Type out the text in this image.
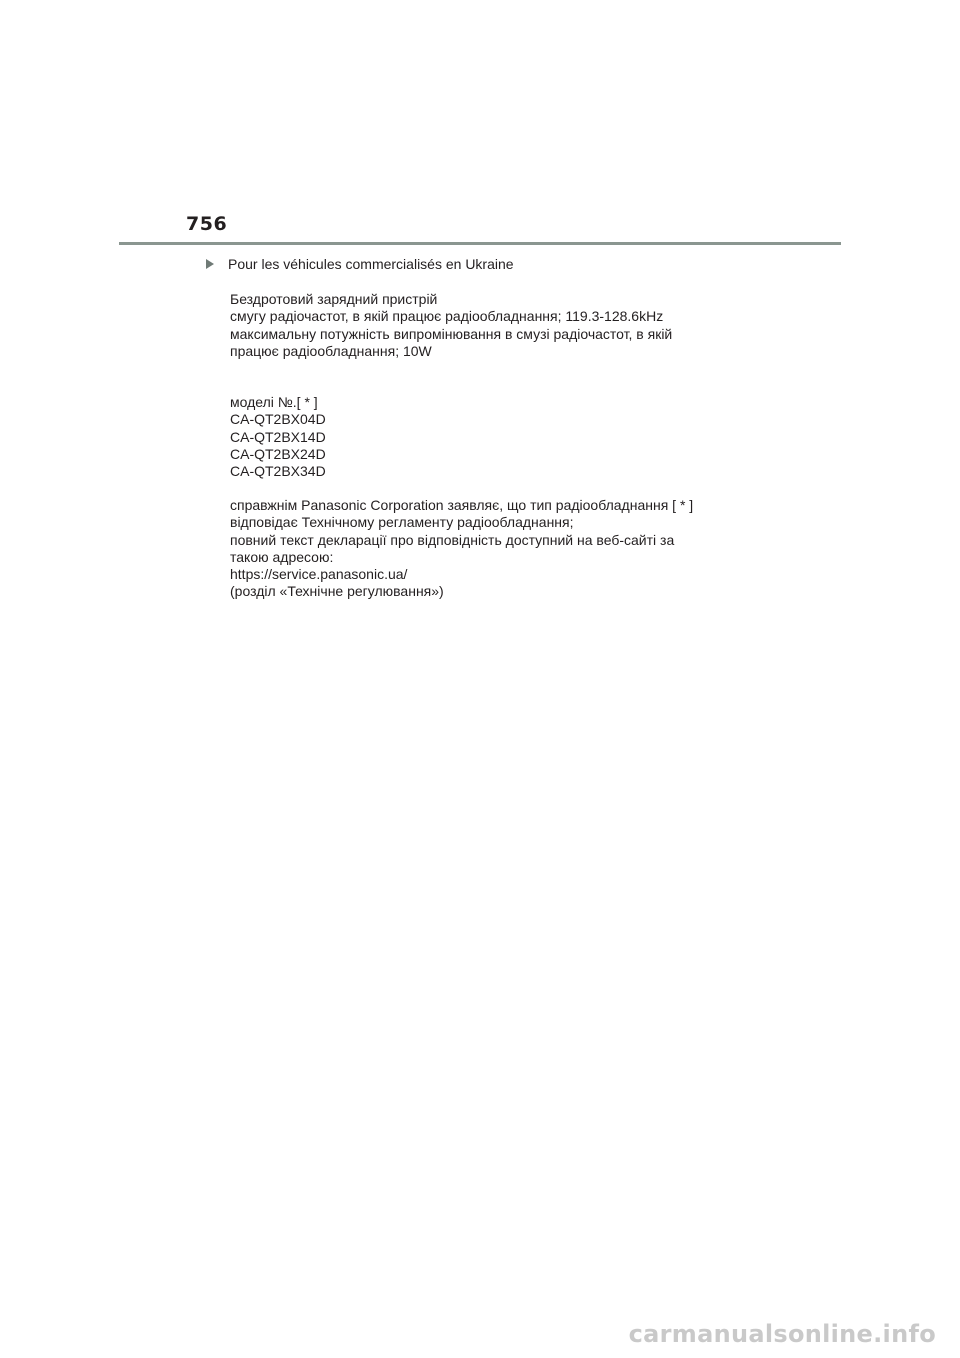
756
Pour les véhicules commercialisés en Ukraine
Бездротовий зарядний пристрій
смугу радіочастот, в якій працює радіообладнання; 119.3-128.6kHz
максимальну потужність випромінювання в смузі радіочастот, в якій
працює радіообладнання; 10W
моделі №.[ * ]
CA-QT2BX04D
CA-QT2BX14D
CA-QT2BX24D
CA-QT2BX34D
справжнім Panasonic Corporation заявляє, що тип радіообладнання [ * ]
відповідає Технічному регламенту радіообладнання;
повний текст декларації про відповідність доступний на веб-сайті за
такою адресою:
https://service.panasonic.ua/
(розділ «Технічне регулювання»)
carmanualsonline.info
